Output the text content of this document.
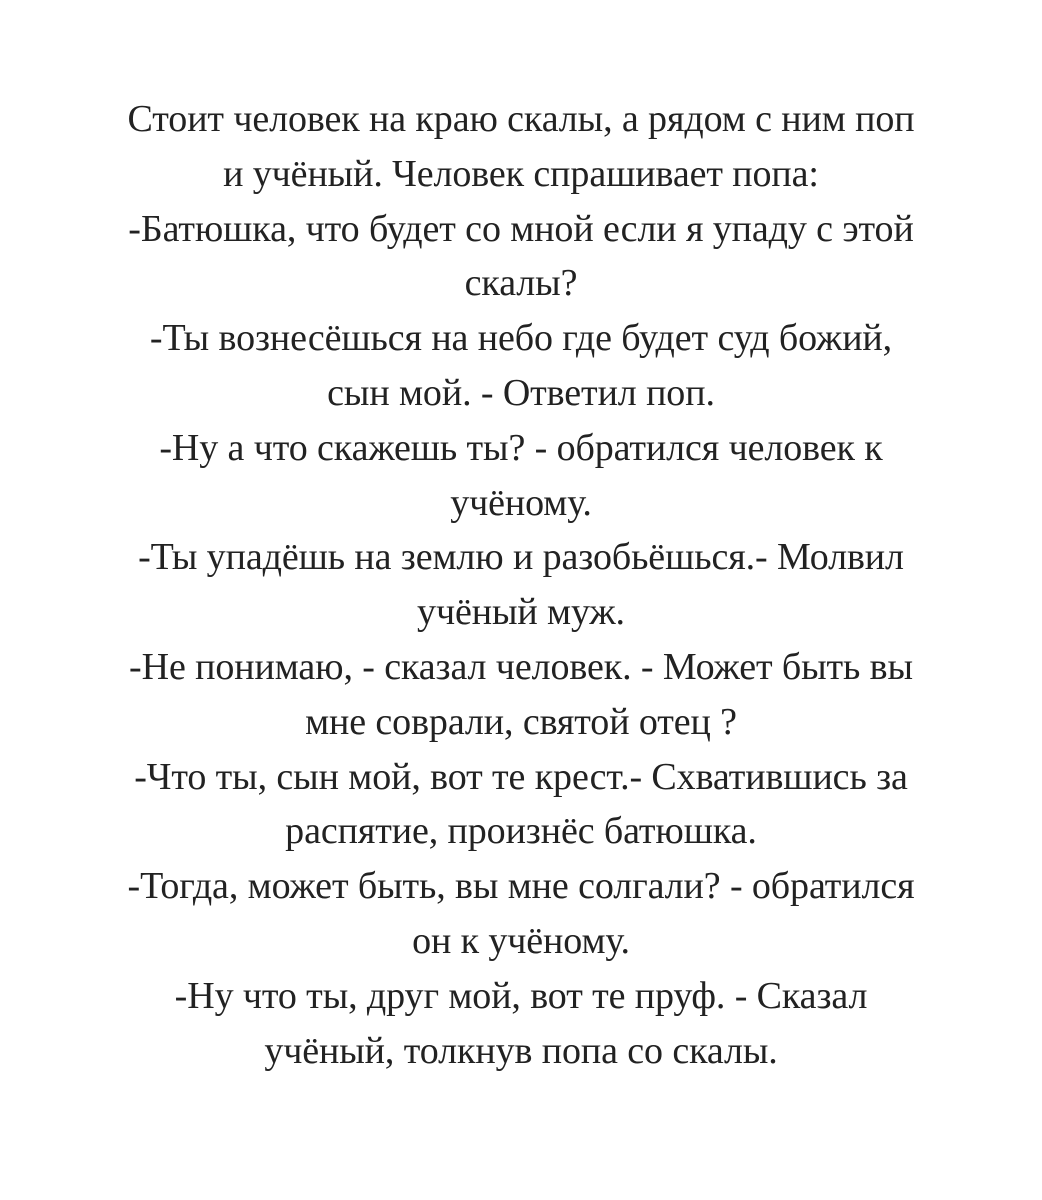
Стоит человек на краю скалы, а рядом с ним поп
и учёный. Человек спрашивает попа:
-Батюшка, что будет со мной если я упаду с этой
скалы?
-Ты вознесёшься на небо где будет суд божий,
сын мой. - Ответил поп.
-Ну а что скажешь ты? - обратился человек к
учёному.
-Ты упадёшь на землю и разобьёшься.- Молвил
учёный муж.
-Не понимаю, - сказал человек. - Может быть вы
мне соврали, святой отец ?
-Что ты, сын мой, вот те крест.- Схватившись за
распятие, произнёс батюшка.
-Тогда, может быть, вы мне солгали? - обратился
он к учёному.
-Ну что ты, друг мой, вот те пруф. - Сказал
учёный, толкнув попа со скалы.
